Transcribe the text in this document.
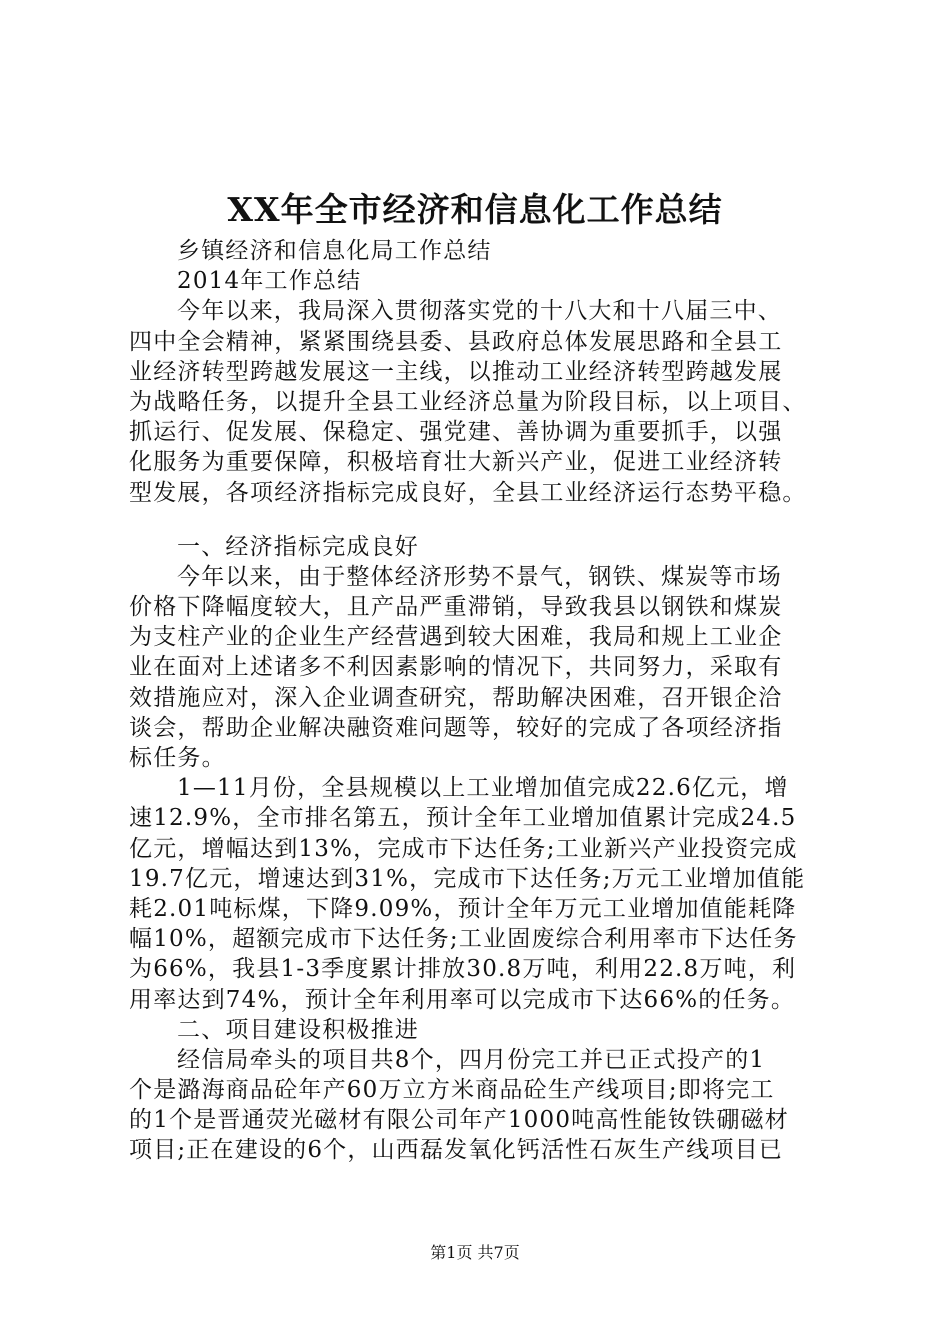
XX年全市经济和信息化工作总结
乡镇经济和信息化局工作总结
2014年工作总结
今年以来，我局深入贯彻落实党的十八大和十八届三中、
四中全会精神，紧紧围绕县委、县政府总体发展思路和全县工
业经济转型跨越发展这一主线，以推动工业经济转型跨越发展
为战略任务，以提升全县工业经济总量为阶段目标，以上项目、
抓运行、促发展、保稳定、强党建、善协调为重要抓手，以强
化服务为重要保障，积极培育壮大新兴产业，促进工业经济转
型发展，各项经济指标完成良好，全县工业经济运行态势平稳。
一、经济指标完成良好
今年以来，由于整体经济形势不景气，钢铁、煤炭等市场
价格下降幅度较大，且产品严重滞销，导致我县以钢铁和煤炭
为支柱产业的企业生产经营遇到较大困难，我局和规上工业企
业在面对上述诸多不利因素影响的情况下，共同努力，采取有
效措施应对，深入企业调查研究，帮助解决困难，召开银企洽
谈会，帮助企业解决融资难问题等，较好的完成了各项经济指
标任务。
1—11月份，全县规模以上工业增加值完成22.6亿元，增
速12.9%，全市排名第五，预计全年工业增加值累计完成24.5
亿元，增幅达到13%，完成市下达任务;工业新兴产业投资完成
19.7亿元，增速达到31%，完成市下达任务;万元工业增加值能
耗2.01吨标煤，下降9.09%，预计全年万元工业增加值能耗降
幅10%，超额完成市下达任务;工业固废综合利用率市下达任务
为66%，我县1-3季度累计排放30.8万吨，利用22.8万吨，利
用率达到74%，预计全年利用率可以完成市下达66%的任务。
二、项目建设积极推进
经信局牵头的项目共8个，四月份完工并已正式投产的1
个是潞海商品砼年产60万立方米商品砼生产线项目;即将完工
的1个是晋通荧光磁材有限公司年产1000吨高性能钕铁硼磁材
项目;正在建设的6个，山西磊发氧化钙活性石灰生产线项目已
第1页 共7页
